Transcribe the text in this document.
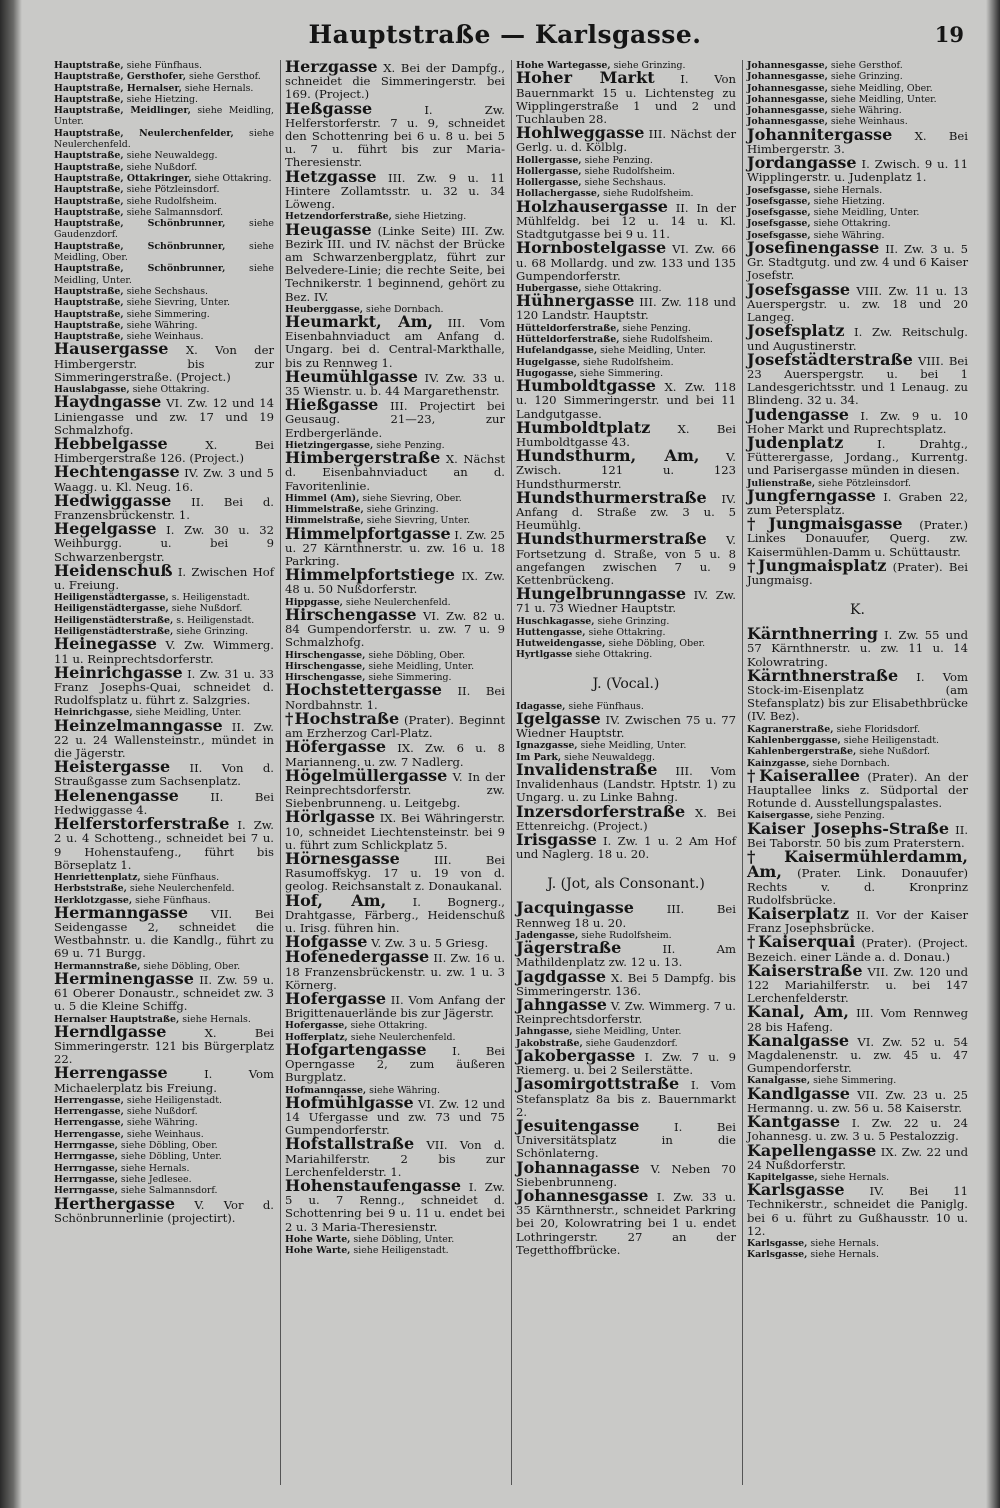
Hauptstraße — Karlsgasse.	19

Hauptstraße, siehe Fünfhaus.

Hauptstraße, Gersthofer, siehe Gersthof.

Hauptstraße, Hernalser, siehe Hernals.

Hauptstraße, siehe Hietzing.

Hauptstraße, Meidlinger, siehe Meidling, Unter.

Hauptstraße, Neulerchenfelder, siehe Neulerchenfeld.

Hauptstraße, siehe Neuwaldegg.

Hauptstraße, siehe Nußdorf.

Hauptstraße, Ottakringer, siehe Ottakring.

Hauptstraße, siehe Pötzleinsdorf.

Hauptstraße, siehe Rudolfsheim.

Hauptstraße, siehe Salmannsdorf.

Hauptstraße, Schönbrunner, siehe Gaudenzdorf.

Hauptstraße, Schönbrunner, siehe Meidling, Ober.

Hauptstraße, Schönbrunner, siehe Meidling, Unter.

Hauptstraße, siehe Sechshaus.

Hauptstraße, siehe Sievring, Unter.

Hauptstraße, siehe Simmering.

Hauptstraße, siehe Währing.

Hauptstraße, siehe Weinhaus.

Hausergasse X. Von der Himbergerstr. bis zur Simmeringerstraße. (Project.)

Hauslabgasse, siehe Ottakring.

Haydngasse VI. Zw. 12 und 14 Liniengasse und zw. 17 und 19 Schmalzhofg.

Hebbelgasse X. Bei Himbergerstraße 126. (Project.)

Hechtengasse IV. Zw. 3 und 5 Waagg. u. Kl. Neug. 16.

Hedwiggasse II. Bei d. Franzensbrückenstr. 1.

Hegelgasse I. Zw. 30 u. 32 Weihburgg. u. bei 9 Schwarzenbergstr.

Heidenschuß I. Zwischen Hof u. Freiung.

Heiligenstädtergasse, s. Heiligenstadt.

Heiligenstädtergasse, siehe Nußdorf.

Heiligenstädterstraße, s. Heiligenstadt.

Heiligenstädterstraße, siehe Grinzing.

Heinegasse V. Zw. Wimmerg. 11 u. Reinprechtsdorferstr.

Heinrichgasse I. Zw. 31 u. 33 Franz Josephs-Quai, schneidet d. Rudolfsplatz u. führt z. Salzgries.

Heinrichgasse, siehe Meidling, Unter.

Heinzelmanngasse II. Zw. 22 u. 24 Wallensteinstr., mündet in die Jägerstr.

Heistergasse II. Von d. Straußgasse zum Sachsenplatz.

Helenengasse II. Bei Hedwiggasse 4.

Helferstorferstraße I. Zw. 2 u. 4 Schotteng., schneidet bei 7 u. 9 Hohenstaufeng., führt bis Börseplatz 1.

Henriettenplatz, siehe Fünfhaus.

Herbststraße, siehe Neulerchenfeld.

Herklotzgasse, siehe Fünfhaus.

Hermanngasse VII. Bei Seidengasse 2, schneidet die Westbahnstr. u. die Kandlg., führt zu 69 u. 71 Burgg.

Hermannstraße, siehe Döbling, Ober.

Herminengasse II. Zw. 59 u. 61 Oberer Donaustr., schneidet zw. 3 u. 5 die Kleine Schiffg.

Hernalser Hauptstraße, siehe Hernals.

Herndlgasse X. Bei Simmeringerstr. 121 bis Bürgerplatz 22.

Herrengasse I. Vom Michaelerplatz bis Freiung.

Herrengasse, siehe Heiligenstadt.

Herrengasse, siehe Nußdorf.

Herrengasse, siehe Währing.

Herrengasse, siehe Weinhaus.

Herrngasse, siehe Döbling, Ober.

Herrngasse, siehe Döbling, Unter.

Herrngasse, siehe Hernals.

Herrngasse, siehe Jedlesee.

Herrngasse, siehe Salmannsdorf.

Herthergasse V. Vor d. Schönbrunnerlinie (projectirt).

Herzgasse X. Bei der Dampfg., schneidet die Simmeringerstr. bei 169. (Project.)

Heßgasse I. Zw. Helferstorferstr. 7 u. 9, schneidet den Schottenring bei 6 u. 8 u. bei 5 u. 7 u. führt bis zur Maria-Theresienstr.

Hetzgasse III. Zw. 9 u. 11 Hintere Zollamtsstr. u. 32 u. 34 Löweng.

Hetzendorferstraße, siehe Hietzing.

Heugasse (Linke Seite) III. Zw. Bezirk III. und IV. nächst der Brücke am Schwarzenbergplatz, führt zur Belvedere-Linie; die rechte Seite, bei Technikerstr. 1 beginnend, gehört zu Bez. IV.

Heuberggasse, siehe Dornbach.

Heumarkt, Am, III. Vom Eisenbahnviaduct am Anfang d. Ungarg. bei d. Central-Markthalle, bis zu Rennweg 1.

Heumühlgasse IV. Zw. 33 u. 35 Wienstr. u. b. 44 Margarethenstr.

Hießgasse III. Projectirt bei Geusaug. 21—23, zur Erdbergerlände.

Hietzingergasse, siehe Penzing.

Himbergerstraße X. Nächst d. Eisenbahnviaduct an d. Favoritenlinie.

Himmel (Am), siehe Sievring, Ober.

Himmelstraße, siehe Grinzing.

Himmelstraße, siehe Sievring, Unter.

Himmelpfortgasse I. Zw. 25 u. 27 Kärnthnerstr. u. zw. 16 u. 18 Parkring.

Himmelpfortstiege IX. Zw. 48 u. 50 Nußdorferstr.

Hippgasse, siehe Neulerchenfeld.

Hirschengasse VI. Zw. 82 u. 84 Gumpendorferstr. u. zw. 7 u. 9 Schmalzhofg.

Hirschengasse, siehe Döbling, Ober.

Hirschengasse, siehe Meidling, Unter.

Hirschengasse, siehe Simmering.

Hochstettergasse II. Bei Nordbahnstr. 1.

†Hochstraße (Prater). Beginnt am Erzherzog Carl-Platz.

Höfergasse IX. Zw. 6 u. 8 Marianneng. u. zw. 7 Nadlerg.

Högelmüllergasse V. In der Reinprechtsdorferstr. zw. Siebenbrunneng. u. Leitgebg.

Hörlgasse IX. Bei Währingerstr. 10, schneidet Liechtensteinstr. bei 9 u. führt zum Schlickplatz 5.

Hörnesgasse III. Bei Rasumoffskyg. 17 u. 19 von d. geolog. Reichsanstalt z. Donaukanal.

Hof, Am, I. Bognerg., Drahtgasse, Färberg., Heidenschuß u. Irisg. führen hin.

Hofgasse V. Zw. 3 u. 5 Griesg.

Hofenedergasse II. Zw. 16 u. 18 Franzensbrückenstr. u. zw. 1 u. 3 Körnerg.

Hofergasse II. Vom Anfang der Brigittenauerlände bis zur Jägerstr.

Hofergasse, siehe Ottakring.

Hofferplatz, siehe Neulerchenfeld.

Hofgartengasse I. Bei Operngasse 2, zum äußeren Burgplatz.

Hofmanngasse, siehe Währing.

Hofmühlgasse VI. Zw. 12 und 14 Ufergasse und zw. 73 und 75 Gumpendorferstr.

Hofstallstraße VII. Von d. Mariahilferstr. 2 bis zur Lerchenfelderstr. 1.

Hohenstaufengasse I. Zw. 5 u. 7 Renng., schneidet d. Schottenring bei 9 u. 11 u. endet bei 2 u. 3 Maria-Theresienstr.

Hohe Warte, siehe Döbling, Unter.

Hohe Warte, siehe Heiligenstadt.

Hohe Wartegasse, siehe Grinzing.

Hoher Markt I. Von Bauernmarkt 15 u. Lichtensteg zu Wipplingerstraße 1 und 2 und Tuchlauben 28.

Hohlweggasse III. Nächst der Gerlg. u. d. Kölblg.

Hollergasse, siehe Penzing.

Hollergasse, siehe Rudolfsheim.

Hollergasse, siehe Sechshaus.

Hollachergasse, siehe Rudolfsheim.

Holzhausergasse II. In der Mühlfeldg. bei 12 u. 14 u. Kl. Stadtgutgasse bei 9 u. 11.

Hornbostelgasse VI. Zw. 66 u. 68 Mollardg. und zw. 133 und 135 Gumpendorferstr.

Hubergasse, siehe Ottakring.

Hühnergasse III. Zw. 118 und 120 Landstr. Hauptstr.

Hütteldorferstraße, siehe Penzing.

Hütteldorferstraße, siehe Rudolfsheim.

Hufelandgasse, siehe Meidling, Unter.

Hugelgasse, siehe Rudolfsheim.

Hugogasse, siehe Simmering.

Humboldtgasse X. Zw. 118 u. 120 Simmeringerstr. und bei 11 Landgutgasse.

Humboldtplatz X. Bei Humboldtgasse 43.

Hundsthurm, Am, V. Zwisch. 121 u. 123 Hundsthurmerstr.

Hundsthurmerstraße IV. Anfang d. Straße zw. 3 u. 5 Heumühlg.

Hundsthurmerstraße V. Fortsetzung d. Straße, von 5 u. 8 angefangen zwischen 7 u. 9 Kettenbrückeng.

Hungelbrunngasse IV. Zw. 71 u. 73 Wiedner Hauptstr.

Huschkagasse, siehe Grinzing.

Huttengasse, siehe Ottakring.

Hutweidengasse, siehe Döbling, Ober.

Hyrtlgasse siehe Ottakring.

J. (Vocal.)

Idagasse, siehe Fünfhaus.

Igelgasse IV. Zwischen 75 u. 77 Wiedner Hauptstr.

Ignazgasse, siehe Meidling, Unter.

Im Park, siehe Neuwaldegg.

Invalidenstraße III. Vom Invalidenhaus (Landstr. Hptstr. 1) zu Ungarg. u. zu Linke Bahng.

Inzersdorferstraße X. Bei Ettenreichg. (Project.)

Irisgasse I. Zw. 1 u. 2 Am Hof und Naglerg. 18 u. 20.

J. (Jot, als Consonant.)

Jacquingasse III. Bei Rennweg 18 u. 20.

Jadengasse, siehe Rudolfsheim.

Jägerstraße II. Am Mathildenplatz zw. 12 u. 13.

Jagdgasse X. Bei 5 Dampfg. bis Simmeringerstr. 136.

Jahngasse V. Zw. Wimmerg. 7 u. Reinprechtsdorferstr.

Jahngasse, siehe Meidling, Unter.

Jakobstraße, siehe Gaudenzdorf.

Jakobergasse I. Zw. 7 u. 9 Riemerg. u. bei 2 Seilerstätte.

Jasomirgottstraße I. Vom Stefansplatz 8a bis z. Bauernmarkt 2.

Jesuitengasse I. Bei Universitätsplatz in die Schönlaterng.

Johannagasse V. Neben 70 Siebenbrunneng.

Johannesgasse I. Zw. 33 u. 35 Kärnthnerstr., schneidet Parkring bei 20, Kolowratring bei 1 u. endet Lothringerstr. 27 an der Tegetthoffbrücke.

Johannesgasse, siehe Gersthof.

Johannesgasse, siehe Grinzing.

Johannesgasse, siehe Meidling, Ober.

Johannesgasse, siehe Meidling, Unter.

Johannesgasse, siehe Währing.

Johannesgasse, siehe Weinhaus.

Johannitergasse X. Bei Himbergerstr. 3.

Jordangasse I. Zwisch. 9 u. 11 Wipplingerstr. u. Judenplatz 1.

Josefsgasse, siehe Hernals.

Josefsgasse, siehe Hietzing.

Josefsgasse, siehe Meidling, Unter.

Josefsgasse, siehe Ottakring.

Josefsgasse, siehe Währing.

Josefinengasse II. Zw. 3 u. 5 Gr. Stadtgutg. und zw. 4 und 6 Kaiser Josefstr.

Josefsgasse VIII. Zw. 11 u. 13 Auerspergstr. u. zw. 18 und 20 Langeg.

Josefsplatz I. Zw. Reitschulg. und Augustinerstr.

Josefstädterstraße VIII. Bei 23 Auerspergstr. u. bei 1 Landesgerichtsstr. und 1 Lenaug. zu Blindeng. 32 u. 34.

Judengasse I. Zw. 9 u. 10 Hoher Markt und Ruprechtsplatz.

Judenplatz I. Drahtg., Fütterergasse, Jordang., Kurrentg. und Parisergasse münden in diesen.

Julienstraße, siehe Pötzleinsdorf.

Jungferngasse I. Graben 22, zum Petersplatz.

†Jungmaisgasse (Prater.) Linkes Donauufer, Querg. zw. Kaisermühlen-Damm u. Schüttaustr.

†Jungmaisplatz (Prater). Bei Jungmaisg.

K.

Kärnthnerring I. Zw. 55 und 57 Kärnthnerstr. u. zw. 11 u. 14 Kolowratring.

Kärnthnerstraße I. Vom Stock-im-Eisenplatz (am Stefansplatz) bis zur Elisabethbrücke (IV. Bez).

Kagranerstraße, siehe Floridsdorf.

Kahlenberggasse, siehe Heiligenstadt.

Kahlenbergerstraße, siehe Nußdorf.

Kainzgasse, siehe Dornbach.

†Kaiserallee (Prater). An der Hauptallee links z. Südportal der Rotunde d. Ausstellungspalastes.

Kaisergasse, siehe Penzing.

Kaiser Josephs-Straße II. Bei Taborstr. 50 bis zum Praterstern.

†Kaisermühlerdamm, Am, (Prater. Link. Donauufer) Rechts v. d. Kronprinz Rudolfsbrücke.

Kaiserplatz II. Vor der Kaiser Franz Josephsbrücke.

†Kaiserquai (Prater). (Project. Bezeich. einer Lände a. d. Donau.)

Kaiserstraße VII. Zw. 120 und 122 Mariahilferstr. u. bei 147 Lerchenfelderstr.

Kanal, Am, III. Vom Rennweg 28 bis Hafeng.

Kanalgasse VI. Zw. 52 u. 54 Magdalenenstr. u. zw. 45 u. 47 Gumpendorferstr.

Kanalgasse, siehe Simmering.

Kandlgasse VII. Zw. 23 u. 25 Hermanng. u. zw. 56 u. 58 Kaiserstr.

Kantgasse I. Zw. 22 u. 24 Johannesg. u. zw. 3 u. 5 Pestalozzig.

Kapellengasse IX. Zw. 22 und 24 Nußdorferstr.

Kapitelgasse, siehe Hernals.

Karlsgasse IV. Bei 11 Technikerstr., schneidet die Paniglg. bei 6 u. führt zu Gußhausstr. 10 u. 12.

Karlsgasse, siehe Hernals.

Karlsgasse, siehe Hernals.
